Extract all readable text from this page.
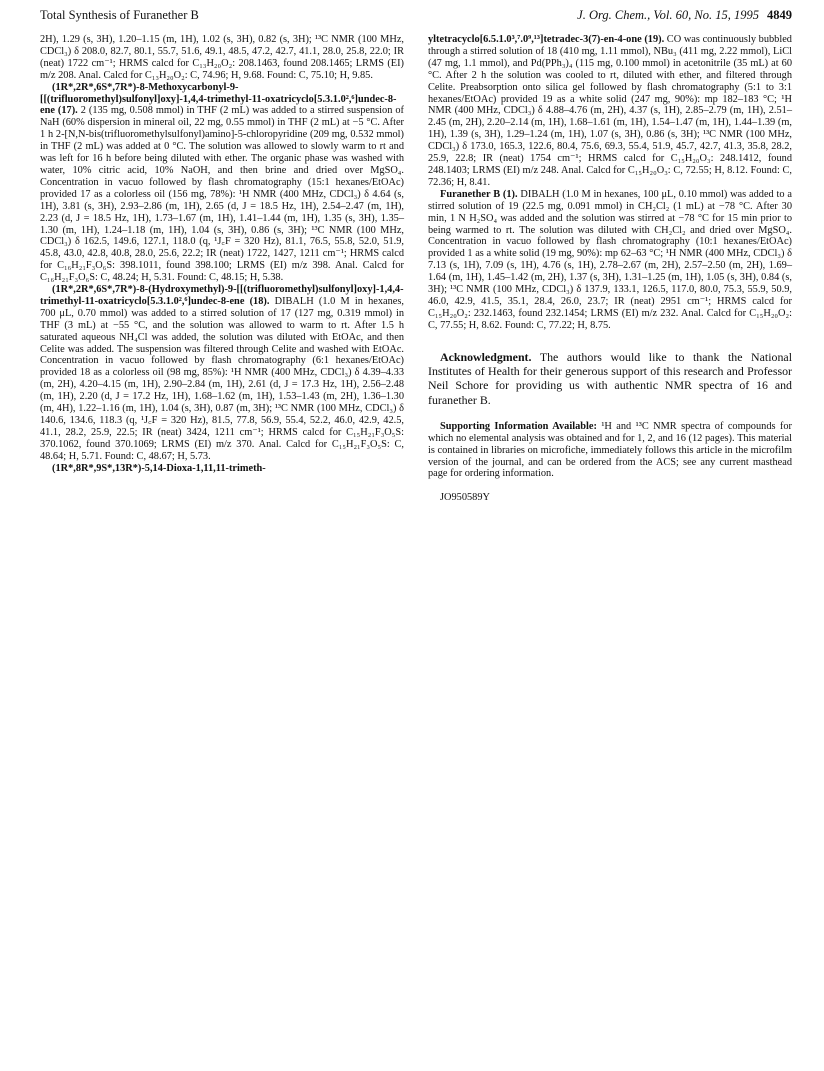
Total Synthesis of Furanether B	J. Org. Chem., Vol. 60, No. 15, 1995 4849

2H), 1.29 (s, 3H), 1.20–1.15 (m, 1H), 1.02 (s, 3H), 0.82 (s, 3H); ¹³C NMR (100 MHz, CDCl₃) δ 208.0, 82.7, 80.1, 55.7, 51.6, 49.1, 48.5, 47.2, 42.7, 41.1, 28.0, 25.8, 22.0; IR (neat) 1722 cm⁻¹; HRMS calcd for C₁₃H₂₀O₂: 208.1463, found 208.1465; LRMS (EI) m/z 208. Anal. Calcd for C₁₃H₂₀O₂: C, 74.96; H, 9.68. Found: C, 75.10; H, 9.85.

(1R*,2R*,6S*,7R*)-8-Methoxycarbonyl-9-[[(trifluoromethyl)sulfonyl]oxy]-1,4,4-trimethyl-11-oxatricyclo[5.3.1.0²,⁶]undec-8-ene (17). 2 (135 mg, 0.508 mmol) in THF (2 mL) was added to a stirred suspension of NaH (60% dispersion in mineral oil, 22 mg, 0.55 mmol) in THF (2 mL) at −5 °C. After 1 h 2-[N,N-bis(trifluoromethylsulfonyl)amino]-5-chloropyridine (209 mg, 0.532 mmol) in THF (2 mL) was added at 0 °C. The solution was allowed to slowly warm to rt and was left for 16 h before being diluted with ether. The organic phase was washed with water, 10% citric acid, 10% NaOH, and then brine and dried over MgSO₄. Concentration in vacuo followed by flash chromatography (15:1 hexanes/EtOAc) provided 17 as a colorless oil (156 mg, 78%): ¹H NMR (400 MHz, CDCl₃) δ 4.64 (s, 1H), 3.81 (s, 3H), 2.93–2.86 (m, 1H), 2.65 (d, J = 18.5 Hz, 1H), 2.54–2.47 (m, 1H), 2.23 (d, J = 18.5 Hz, 1H), 1.73–1.67 (m, 1H), 1.41–1.44 (m, 1H), 1.35 (s, 3H), 1.35–1.30 (m, 1H), 1.24–1.18 (m, 1H), 1.04 (s, 3H), 0.86 (s, 3H); ¹³C NMR (100 MHz, CDCl₃) δ 162.5, 149.6, 127.1, 118.0 (q, ¹J꜀F = 320 Hz), 81.1, 76.5, 55.8, 52.0, 51.9, 45.8, 43.0, 42.8, 40.8, 28.0, 25.6, 22.2; IR (neat) 1722, 1427, 1211 cm⁻¹; HRMS calcd for C₁₆H₂₁F₃O₆S: 398.1011, found 398.100; LRMS (EI) m/z 398. Anal. Calcd for C₁₆H₂₁F₃O₆S: C, 48.24; H, 5.31. Found: C, 48.15; H, 5.38.

(1R*,2R*,6S*,7R*)-8-(Hydroxymethyl)-9-[[(trifluoromethyl)sulfonyl]oxy]-1,4,4-trimethyl-11-oxatricyclo[5.3.1.0²,⁶]undec-8-ene (18). DIBALH (1.0 M in hexanes, 700 μL, 0.70 mmol) was added to a stirred solution of 17 (127 mg, 0.319 mmol) in THF (3 mL) at −55 °C, and the solution was allowed to warm to rt. After 1.5 h saturated aqueous NH₄Cl was added, the solution was diluted with EtOAc, and then Celite was added. The suspension was filtered through Celite and washed with EtOAc. Concentration in vacuo followed by flash chromatography (6:1 hexanes/EtOAc) provided 18 as a colorless oil (98 mg, 85%): ¹H NMR (400 MHz, CDCl₃) δ 4.39–4.33 (m, 2H), 4.20–4.15 (m, 1H), 2.90–2.84 (m, 1H), 2.61 (d, J = 17.3 Hz, 1H), 2.56–2.48 (m, 1H), 2.20 (d, J = 17.2 Hz, 1H), 1.68–1.62 (m, 1H), 1.53–1.43 (m, 2H), 1.36–1.30 (m, 4H), 1.22–1.16 (m, 1H), 1.04 (s, 3H), 0.87 (m, 3H); ¹³C NMR (100 MHz, CDCl₃) δ 140.6, 134.6, 118.3 (q, ¹J꜀F = 320 Hz), 81.5, 77.8, 56.9, 55.4, 52.2, 46.0, 42.9, 42.5, 41.1, 28.2, 25.9, 22.5; IR (neat) 3424, 1211 cm⁻¹; HRMS calcd for C₁₅H₂₁F₃O₅S: 370.1062, found 370.1069; LRMS (EI) m/z 370. Anal. Calcd for C₁₅H₂₁F₃O₅S: C, 48.64; H, 5.71. Found: C, 48.67; H, 5.73.

(1R*,8R*,9S*,13R*)-5,14-Dioxa-1,11,11-trimeth-

yltetracyclo[6.5.1.0³,⁷.0⁹,¹³]tetradec-3(7)-en-4-one (19). CO was continuously bubbled through a stirred solution of 18 (410 mg, 1.11 mmol), NBu₃ (411 mg, 2.22 mmol), LiCl (47 mg, 1.1 mmol), and Pd(PPh₃)₄ (115 mg, 0.100 mmol) in acetonitrile (35 mL) at 60 °C. After 2 h the solution was cooled to rt, diluted with ether, and filtered through Celite. Preabsorption onto silica gel followed by flash chromatography (5:1 to 3:1 hexanes/EtOAc) provided 19 as a white solid (247 mg, 90%): mp 182–183 °C; ¹H NMR (400 MHz, CDCl₃) δ 4.88–4.76 (m, 2H), 4.37 (s, 1H), 2.85–2.79 (m, 1H), 2.51–2.45 (m, 2H), 2.20–2.14 (m, 1H), 1.68–1.61 (m, 1H), 1.54–1.47 (m, 1H), 1.44–1.39 (m, 1H), 1.39 (s, 3H), 1.29–1.24 (m, 1H), 1.07 (s, 3H), 0.86 (s, 3H); ¹³C NMR (100 MHz, CDCl₃) δ 173.0, 165.3, 122.6, 80.4, 75.6, 69.3, 55.4, 51.9, 45.7, 42.7, 41.3, 35.8, 28.2, 25.9, 22.8; IR (neat) 1754 cm⁻¹; HRMS calcd for C₁₅H₂₀O₃: 248.1412, found 248.1403; LRMS (EI) m/z 248. Anal. Calcd for C₁₅H₂₀O₃: C, 72.55; H, 8.12. Found: C, 72.36; H, 8.41.

Furanether B (1). DIBALH (1.0 M in hexanes, 100 μL, 0.10 mmol) was added to a stirred solution of 19 (22.5 mg, 0.091 mmol) in CH₂Cl₂ (1 mL) at −78 °C. After 30 min, 1 N H₂SO₄ was added and the solution was stirred at −78 °C for 15 min prior to being warmed to rt. The solution was diluted with CH₂Cl₂ and dried over MgSO₄. Concentration in vacuo followed by flash chromatography (10:1 hexanes/EtOAc) provided 1 as a white solid (19 mg, 90%): mp 62–63 °C; ¹H NMR (400 MHz, CDCl₃) δ 7.13 (s, 1H), 7.09 (s, 1H), 4.76 (s, 1H), 2.78–2.67 (m, 2H), 2.57–2.50 (m, 2H), 1.69–1.64 (m, 1H), 1.45–1.42 (m, 2H), 1.37 (s, 3H), 1.31–1.25 (m, 1H), 1.05 (s, 3H), 0.84 (s, 3H); ¹³C NMR (100 MHz, CDCl₃) δ 137.9, 133.1, 126.5, 117.0, 80.0, 75.3, 55.9, 50.9, 46.0, 42.9, 41.5, 35.1, 28.4, 26.0, 23.7; IR (neat) 2951 cm⁻¹; HRMS calcd for C₁₅H₂₀O₂: 232.1463, found 232.1454; LRMS (EI) m/z 232. Anal. Calcd for C₁₅H₂₀O₂: C, 77.55; H, 8.62. Found: C, 77.22; H, 8.75.

Acknowledgment. The authors would like to thank the National Institutes of Health for their generous support of this research and Professor Neil Schore for providing us with authentic NMR spectra of 16 and furanether B.

Supporting Information Available: ¹H and ¹³C NMR spectra of compounds for which no elemental analysis was obtained and for 1, 2, and 16 (12 pages). This material is contained in libraries on microfiche, immediately follows this article in the microfilm version of the journal, and can be ordered from the ACS; see any current masthead page for ordering information.

JO950589Y
